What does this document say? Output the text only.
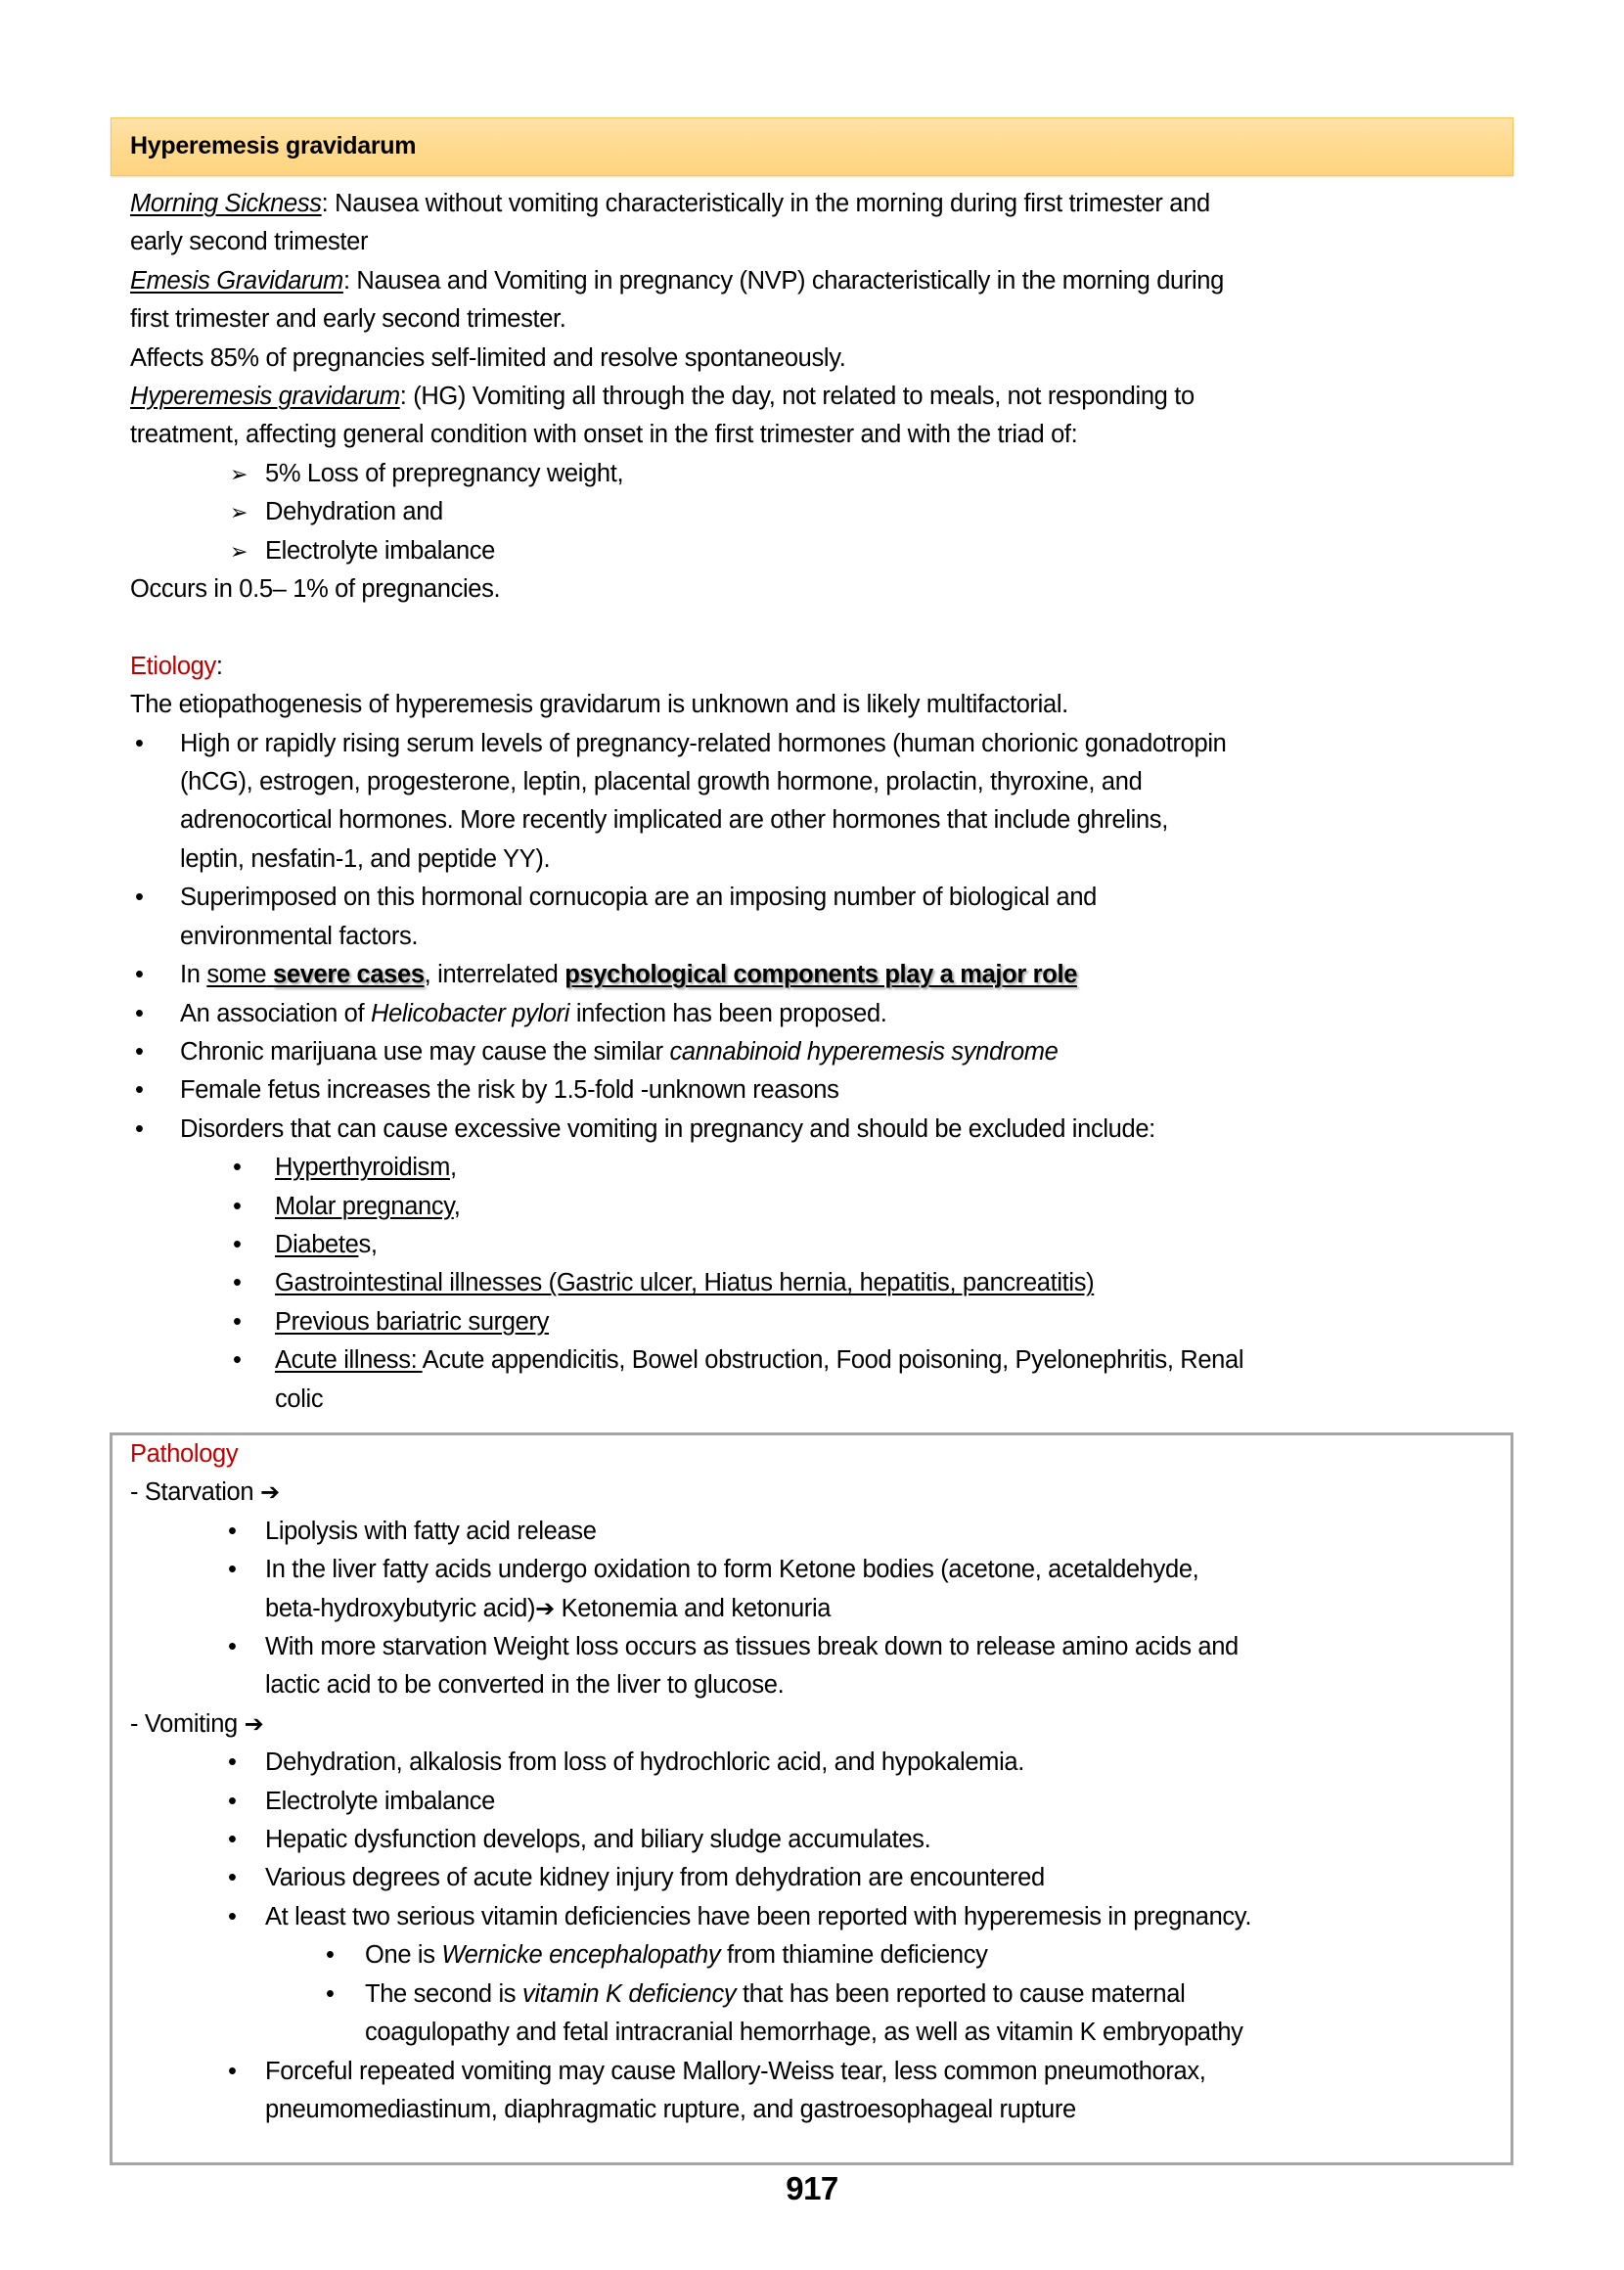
Hyperemesis gravidarum
Morning Sickness: Nausea without vomiting characteristically in the morning during first trimester and
early second trimester
Emesis Gravidarum: Nausea and Vomiting in pregnancy (NVP) characteristically in the morning during
first trimester and early second trimester.
Affects 85% of pregnancies self-limited and resolve spontaneously.
Hyperemesis gravidarum: (HG) Vomiting all through the day, not related to meals, not responding to
treatment, affecting general condition with onset in the first trimester and with the triad of:
➢ 5% Loss of prepregnancy weight,
➢ Dehydration and
➢ Electrolyte imbalance
Occurs in 0.5– 1% of pregnancies.
Etiology:
The etiopathogenesis of hyperemesis gravidarum is unknown and is likely multifactorial.
• High or rapidly rising serum levels of pregnancy-related hormones (human chorionic gonadotropin
(hCG), estrogen, progesterone, leptin, placental growth hormone, prolactin, thyroxine, and
adrenocortical hormones. More recently implicated are other hormones that include ghrelins,
leptin, nesfatin-1, and peptide YY).
• Superimposed on this hormonal cornucopia are an imposing number of biological and
environmental factors.
• In some severe cases, interrelated psychological components play a major role
• An association of Helicobacter pylori infection has been proposed.
• Chronic marijuana use may cause the similar cannabinoid hyperemesis syndrome
• Female fetus increases the risk by 1.5-fold -unknown reasons
• Disorders that can cause excessive vomiting in pregnancy and should be excluded include:
• Hyperthyroidism,
• Molar pregnancy,
• Diabetes,
• Gastrointestinal illnesses (Gastric ulcer, Hiatus hernia, hepatitis, pancreatitis)
• Previous bariatric surgery
• Acute illness: Acute appendicitis, Bowel obstruction, Food poisoning, Pyelonephritis, Renal
colic
Pathology
- Starvation ➔
• Lipolysis with fatty acid release
• In the liver fatty acids undergo oxidation to form Ketone bodies (acetone, acetaldehyde,
beta-hydroxybutyric acid)➔ Ketonemia and ketonuria
• With more starvation Weight loss occurs as tissues break down to release amino acids and
lactic acid to be converted in the liver to glucose.
- Vomiting ➔
• Dehydration, alkalosis from loss of hydrochloric acid, and hypokalemia.
• Electrolyte imbalance
• Hepatic dysfunction develops, and biliary sludge accumulates.
• Various degrees of acute kidney injury from dehydration are encountered
• At least two serious vitamin deficiencies have been reported with hyperemesis in pregnancy.
• One is Wernicke encephalopathy from thiamine deficiency
• The second is vitamin K deficiency that has been reported to cause maternal
coagulopathy and fetal intracranial hemorrhage, as well as vitamin K embryopathy
• Forceful repeated vomiting may cause Mallory-Weiss tear, less common pneumothorax,
pneumomediastinum, diaphragmatic rupture, and gastroesophageal rupture
917
